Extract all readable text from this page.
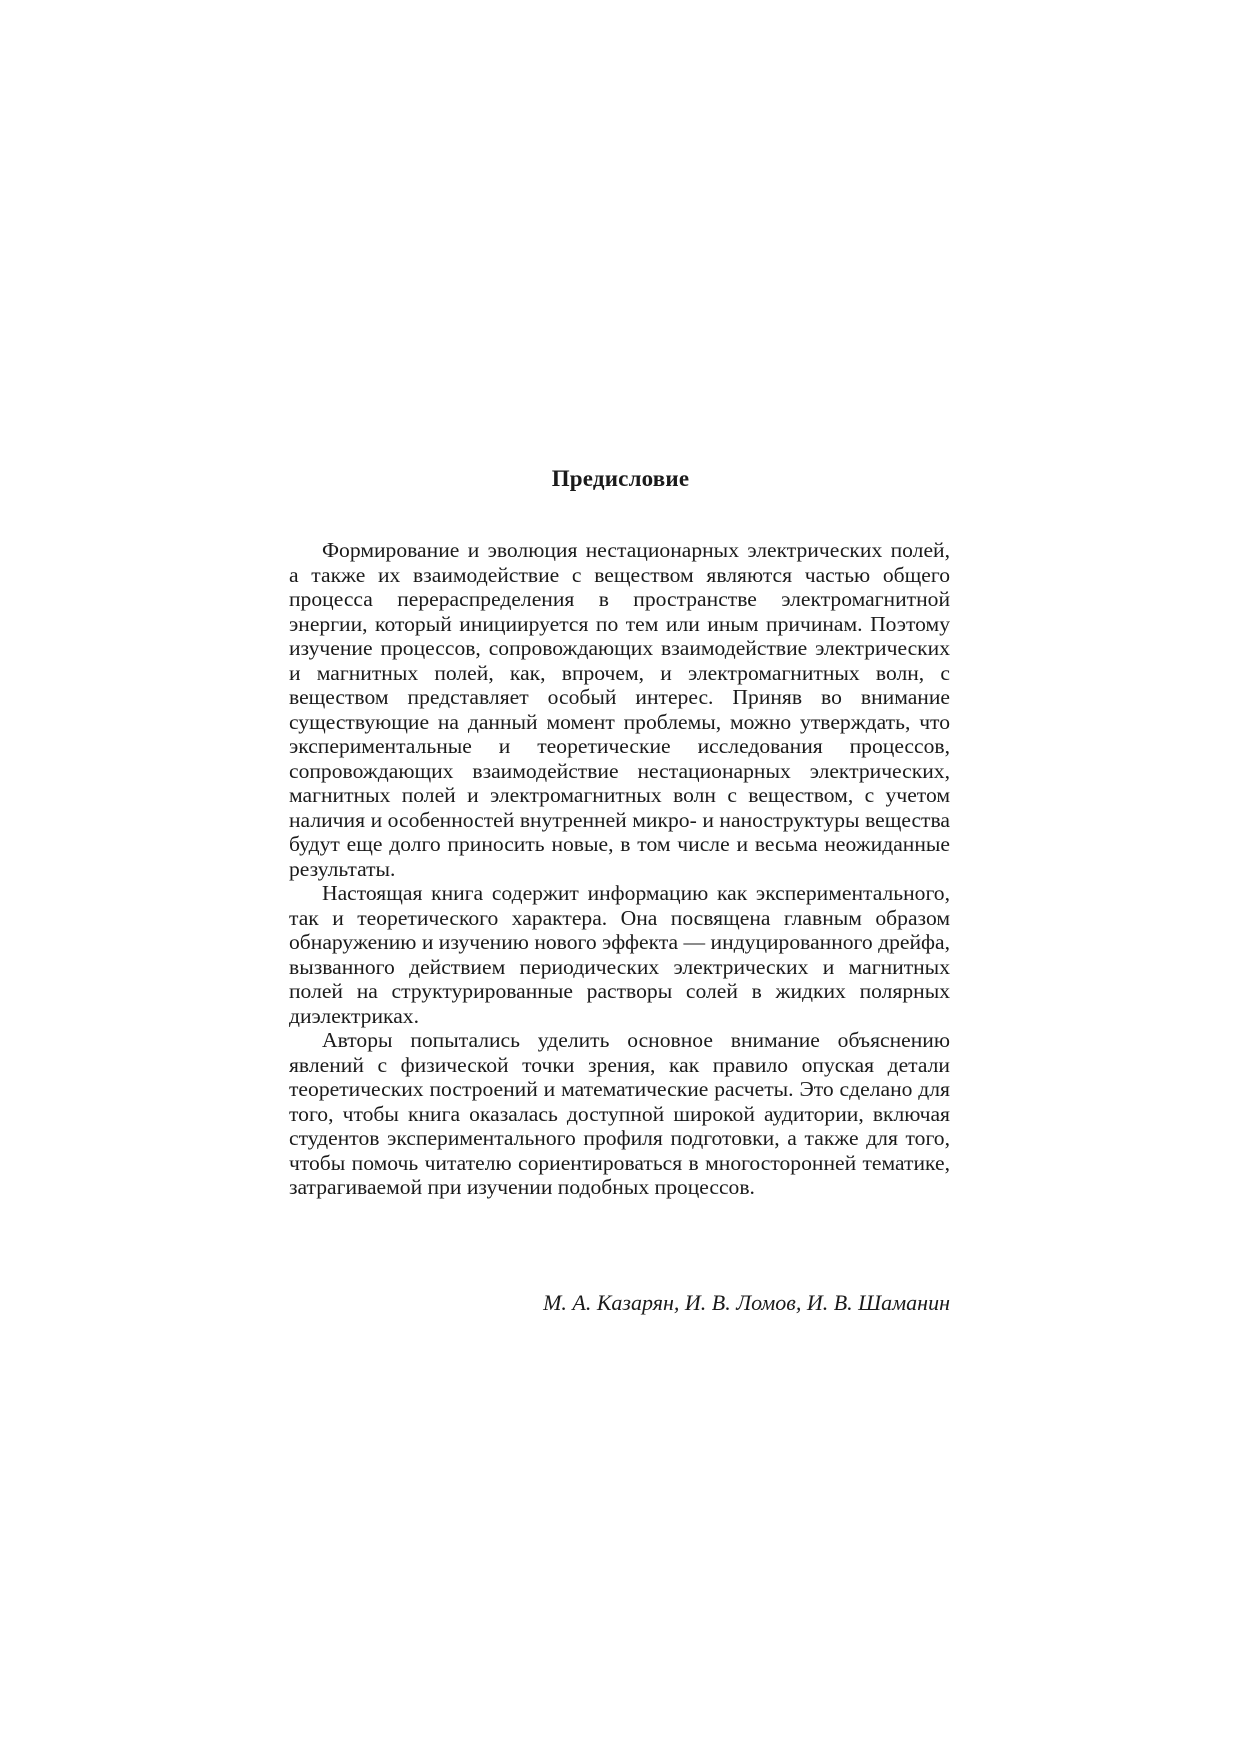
Предисловие

Формирование и эволюция нестационарных электрических полей, а также их взаимодействие с веществом являются частью общего процесса перераспределения в пространстве электромагнитной энергии, который инициируется по тем или иным причинам. Поэтому изучение процессов, сопровождающих взаимодействие электрических и магнитных полей, как, впрочем, и электромагнитных волн, с веществом представляет особый интерес. Приняв во внимание существующие на данный момент проблемы, можно утверждать, что экспериментальные и теоретические исследования процессов, сопровождающих взаимодействие нестационарных электрических, магнитных полей и электромагнитных волн с веществом, с учетом наличия и особенностей внутренней микро- и наноструктуры вещества будут еще долго приносить новые, в том числе и весьма неожиданные результаты.

Настоящая книга содержит информацию как экспериментального, так и теоретического характера. Она посвящена главным образом обнаружению и изучению нового эффекта — индуцированного дрейфа, вызванного действием периодических электрических и магнитных полей на структурированные растворы солей в жидких полярных диэлектриках.

Авторы попытались уделить основное внимание объяснению явлений с физической точки зрения, как правило опуская детали теоретических построений и математические расчеты. Это сделано для того, чтобы книга оказалась доступной широкой аудитории, включая студентов экспериментального профиля подготовки, а также для того, чтобы помочь читателю сориентироваться в многосторонней тематике, затрагиваемой при изучении подобных процессов.

М. А. Казарян, И. В. Ломов, И. В. Шаманин
